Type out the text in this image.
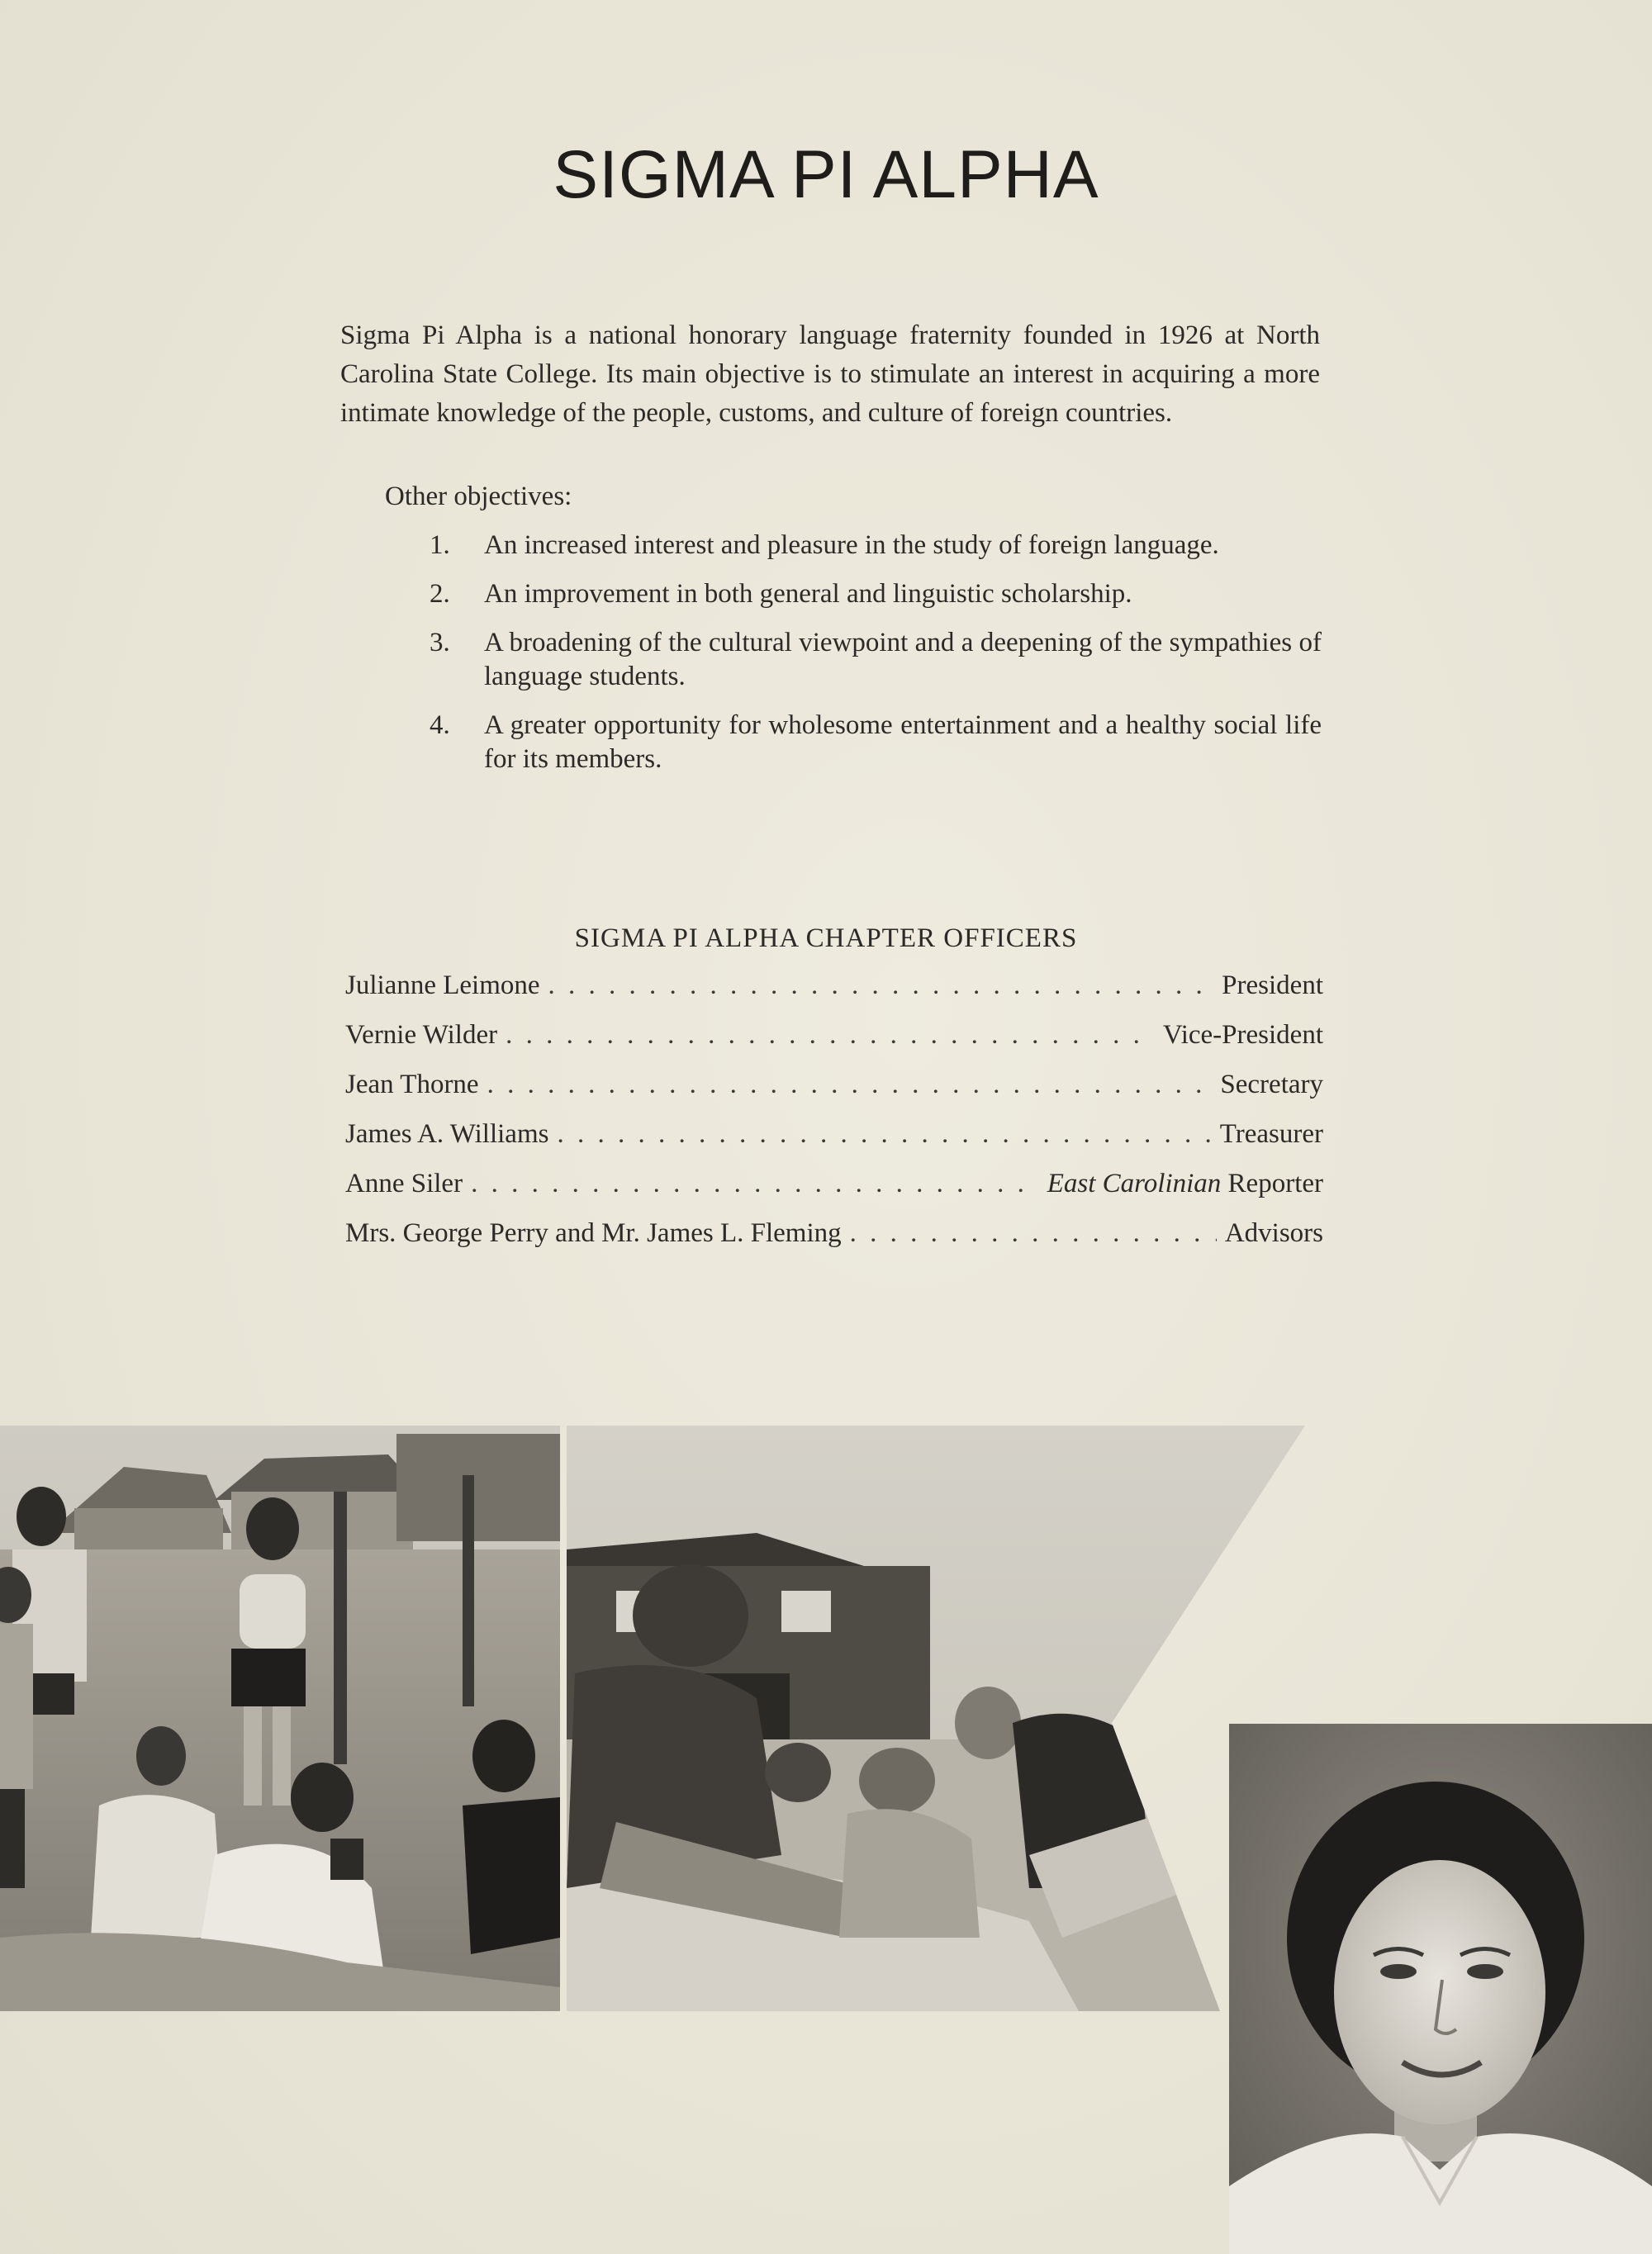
SIGMA PI ALPHA

Sigma Pi Alpha is a national honorary language fraternity founded in 1926 at North Carolina State College. Its main objective is to stimulate an interest in acquiring a more intimate knowledge of the people, customs, and culture of foreign countries.

Other objectives:

1.	An increased interest and pleasure in the study of foreign language.
2.	An improvement in both general and linguistic scholarship.
3.	A broadening of the cultural viewpoint and a deepening of the sympathies of language students.
4.	A greater opportunity for wholesome entertainment and a healthy social life for its members.
SIGMA PI ALPHA CHAPTER OFFICERS
Julianne Leimone . . .	President
Vernie Wilder . . .	Vice-President
Jean Thorne . . .	Secretary
James A. Williams . . .	Treasurer
Anne Siler . . .	East Carolinian Reporter
Mrs. George Perry and Mr. James L. Fleming . . .	Advisors
